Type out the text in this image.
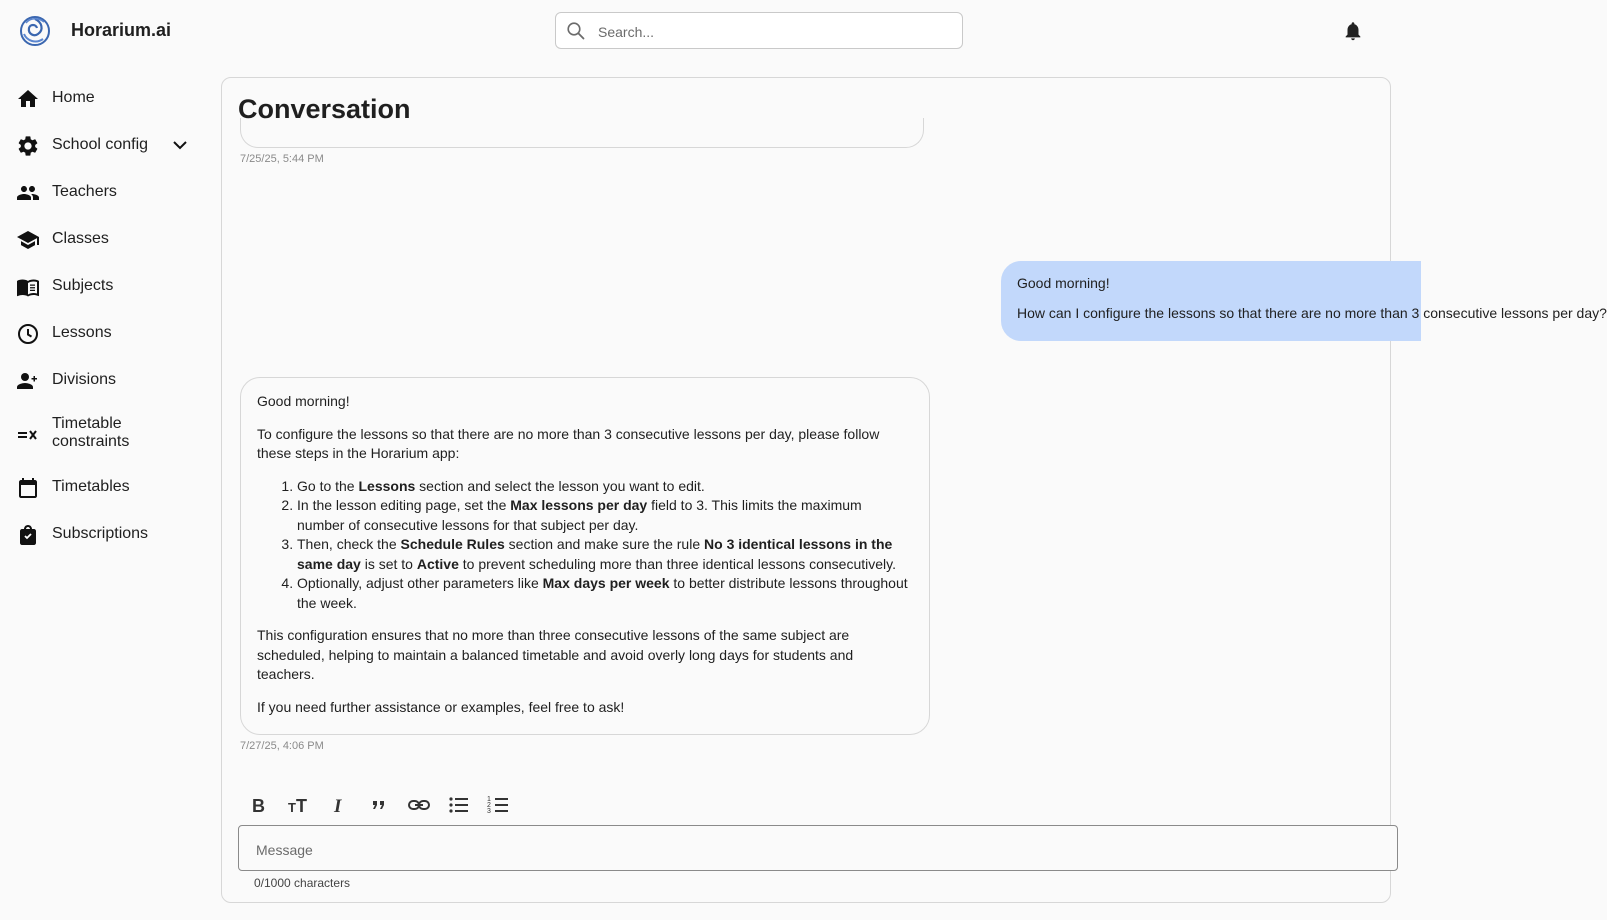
Horarium.ai
Search...
Home
School config
Teachers
Classes
Subjects
Lessons
Divisions
Timetable constraints
Timetables
Subscriptions
Conversation
7/25/25, 5:44 PM

Good morning!

How can I configure the lessons so that there are no more than 3 consecutive lessons per day?

Good morning!

To configure the lessons so that there are no more than 3 consecutive lessons per day, please follow these steps in the Horarium app:

1. Go to the Lessons section and select the lesson you want to edit.
2. In the lesson editing page, set the Max lessons per day field to 3. This limits the maximum number of consecutive lessons for that subject per day.
3. Then, check the Schedule Rules section and make sure the rule No 3 identical lessons in the same day is set to Active to prevent scheduling more than three identical lessons consecutively.
4. Optionally, adjust other parameters like Max days per week to better distribute lessons throughout the week.

This configuration ensures that no more than three consecutive lessons of the same subject are scheduled, helping to maintain a balanced timetable and avoid overly long days for students and teachers.

If you need further assistance or examples, feel free to ask!

7/27/25, 4:06 PM
B T T I	1
2
3
Message
0/1000 characters
